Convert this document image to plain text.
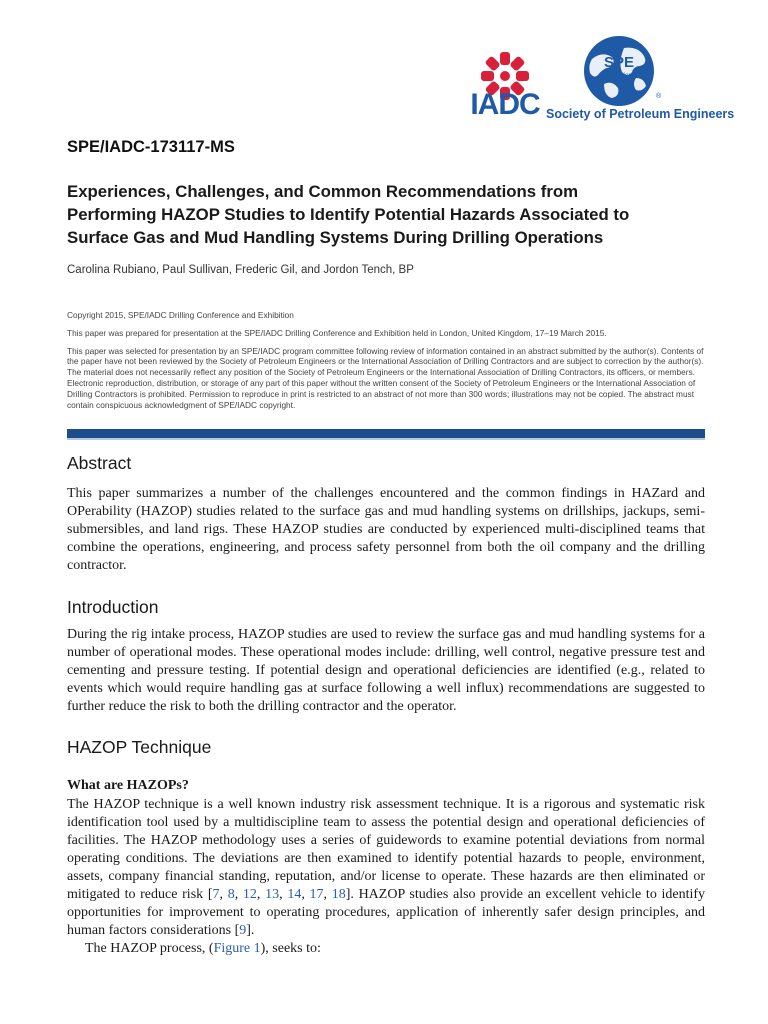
IADC
SPE
International
®
Society of Petroleum Engineers
SPE/IADC-173117-MS
Experiences, Challenges, and Common Recommendations from
Performing HAZOP Studies to Identify Potential Hazards Associated to
Surface Gas and Mud Handling Systems During Drilling Operations
Carolina Rubiano, Paul Sullivan, Frederic Gil, and Jordon Tench, BP

Copyright 2015, SPE/IADC Drilling Conference and Exhibition

This paper was prepared for presentation at the SPE/IADC Drilling Conference and Exhibition held in London, United Kingdom, 17–19 March 2015.

This paper was selected for presentation by an SPE/IADC program committee following review of information contained in an abstract submitted by the author(s). Contents of the paper have not been reviewed by the Society of Petroleum Engineers or the International Association of Drilling Contractors and are subject to correction by the author(s). The material does not necessarily reflect any position of the Society of Petroleum Engineers or the International Association of Drilling Contractors, its officers, or members. Electronic reproduction, distribution, or storage of any part of this paper without the written consent of the Society of Petroleum Engineers or the International Association of Drilling Contractors is prohibited. Permission to reproduce in print is restricted to an abstract of not more than 300 words; illustrations may not be copied. The abstract must contain conspicuous acknowledgment of SPE/IADC copyright.

Abstract

This paper summarizes a number of the challenges encountered and the common findings in HAZard and OPerability (HAZOP) studies related to the surface gas and mud handling systems on drillships, jackups, semi-submersibles, and land rigs. These HAZOP studies are conducted by experienced multi-disciplined teams that combine the operations, engineering, and process safety personnel from both the oil company and the drilling contractor.

Introduction

During the rig intake process, HAZOP studies are used to review the surface gas and mud handling systems for a number of operational modes. These operational modes include: drilling, well control, negative pressure test and cementing and pressure testing. If potential design and operational deficiencies are identified (e.g., related to events which would require handling gas at surface following a well influx) recommendations are suggested to further reduce the risk to both the drilling contractor and the operator.

HAZOP Technique
What are HAZOPs?

The HAZOP technique is a well known industry risk assessment technique. It is a rigorous and systematic risk identification tool used by a multidiscipline team to assess the potential design and operational deficiencies of facilities. The HAZOP methodology uses a series of guidewords to examine potential deviations from normal operating conditions. The deviations are then examined to identify potential hazards to people, environment, assets, company financial standing, reputation, and/or license to operate. These hazards are then eliminated or mitigated to reduce risk [7, 8, 12, 13, 14, 17, 18]. HAZOP studies also provide an excellent vehicle to identify opportunities for improvement to operating procedures, application of inherently safer design principles, and human factors considerations [9].

The HAZOP process, (Figure 1), seeks to:
